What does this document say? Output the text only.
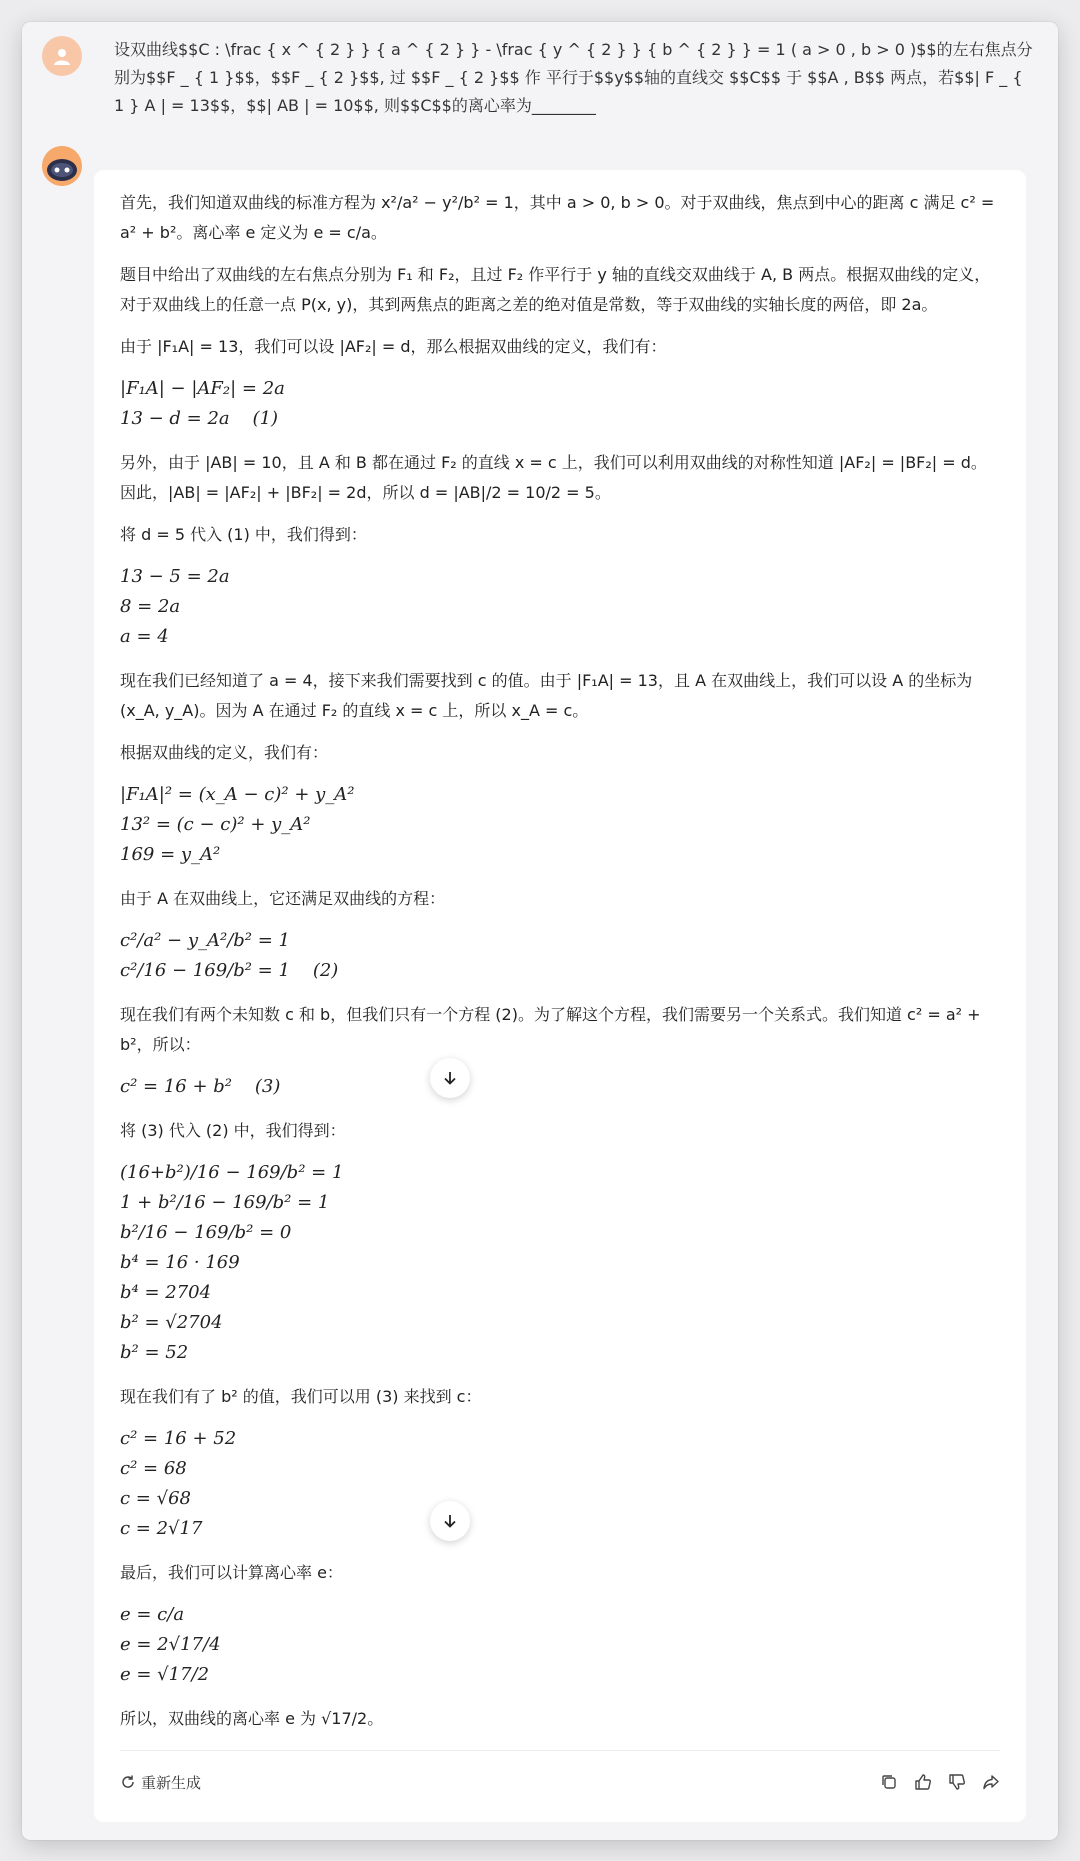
设双曲线$$C : \frac { x ^ { 2 } } { a ^ { 2 } } - \frac { y ^ { 2 } } { b ^ { 2 } } = 1 ( a > 0 , b > 0 )$$的左右焦点分别为$$F _ { 1 }$$，$$F _ { 2 }$$, 过 $$F _ { 2 }$$ 作 平行于$$y$$轴的直线交 $$C$$ 于 $$A , B$$ 两点，若$$| F _ { 1 } A | = 13$$，$$| AB | = 10$$, 则$$C$$的离心率为________
首先，我们知道双曲线的标准方程为 x²/a² − y²/b² = 1，其中 a > 0, b > 0。对于双曲线，焦点到中心的距离 c 满足 c² = a² + b²。离心率 e 定义为 e = c/a。
题目中给出了双曲线的左右焦点分别为 F₁ 和 F₂，且过 F₂ 作平行于 y 轴的直线交双曲线于 A, B 两点。根据双曲线的定义，对于双曲线上的任意一点 P(x, y)，其到两焦点的距离之差的绝对值是常数，等于双曲线的实轴长度的两倍，即 2a。
由于 |F₁A| = 13，我们可以设 |AF₂| = d，那么根据双曲线的定义，我们有：
|F₁A| − |AF₂| = 2a
13 − d = 2a    (1)
另外，由于 |AB| = 10，且 A 和 B 都在通过 F₂ 的直线 x = c 上，我们可以利用双曲线的对称性知道 |AF₂| = |BF₂| = d。因此，|AB| = |AF₂| + |BF₂| = 2d，所以 d = |AB|/2 = 10/2 = 5。
将 d = 5 代入 (1) 中，我们得到：
13 − 5 = 2a
8 = 2a
a = 4
现在我们已经知道了 a = 4，接下来我们需要找到 c 的值。由于 |F₁A| = 13，且 A 在双曲线上，我们可以设 A 的坐标为 (x_A, y_A)。因为 A 在通过 F₂ 的直线 x = c 上，所以 x_A = c。
根据双曲线的定义，我们有：
|F₁A|² = (x_A − c)² + y_A²
13² = (c − c)² + y_A²
169 = y_A²
由于 A 在双曲线上，它还满足双曲线的方程：
c²/a² − y_A²/b² = 1
c²/16 − 169/b² = 1    (2)
现在我们有两个未知数 c 和 b，但我们只有一个方程 (2)。为了解这个方程，我们需要另一个关系式。我们知道 c² = a² + b²，所以：
c² = 16 + b²    (3)
将 (3) 代入 (2) 中，我们得到：
(16+b²)/16 − 169/b² = 1
1 + b²/16 − 169/b² = 1
b²/16 − 169/b² = 0
b⁴ = 16 · 169
b⁴ = 2704
b² = √2704
b² = 52
现在我们有了 b² 的值，我们可以用 (3) 来找到 c：
c² = 16 + 52
c² = 68
c = √68
c = 2√17
最后，我们可以计算离心率 e：
e = c/a
e = 2√17/4
e = √17/2
所以，双曲线的离心率 e 为 √17/2。
重新生成
